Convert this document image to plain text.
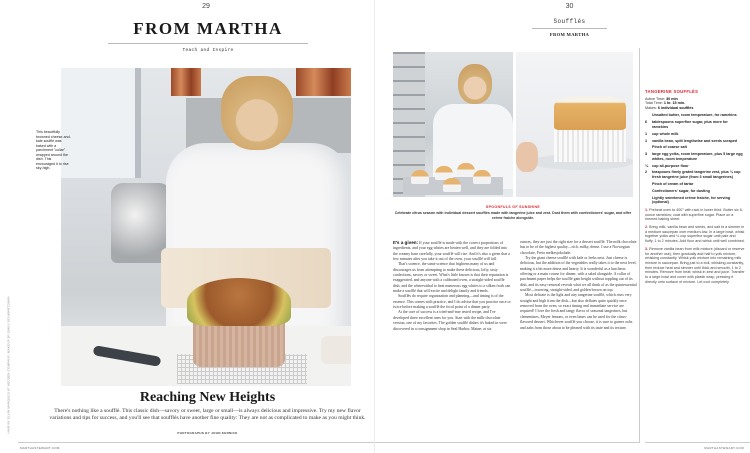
29
FROM MARTHA
Teach and Inspire
This beautifully browned cheese-and-kale soufflé was baked with a parchment "collar" wrapped around the dish. This encouraged it to rise sky-high.
HAIR BY ELVIN MARQUES AT HEDDEN COMPANY; MAKEUP BY EMILY SCHWARTZMAN	Reaching New Heights
There's nothing like a soufflé. This classic dish—savory or sweet, large or small—is always delicious and impressive. Try my new flavor variations and tips for success, and you'll see that soufflés have another fine quality: They are not as complicated to make as you might think.
PHOTOGRAPHS BY JOHN KERNICK
MARTHASTEWART.COM
30
Soufflés
FROM MARTHA
SPOONFULS OF SUNSHINE
Celebrate citrus season with individual dessert soufflés made with tangerine juice and zest. Dust them with confectioners' sugar, and offer crème fraîche alongside.

It's a given: If your soufflé is made with the correct proportions of ingredients, and your egg whites are beaten well, and they are folded into the creamy base carefully, your soufflé will rise. And it's also a given that a few minutes after you take it out of the oven, your soufflé will fall.

That's science, the same science that frightens many of us and discourages us from attempting to make these delicious, lofty, tasty confections, savory or sweet. What's little known is that their reputation is exaggerated, and anyone with a calibrated oven, a straight-sided soufflé dish, and the wherewithal to beat numerous egg whites to a silken froth can make a soufflé that will excite and delight family and friends.

Soufflés do require organization and planning—and timing is of the essence. This comes with practice, and I do advise that you practice once or twice before making a soufflé the focal point of a dinner party.

At the core of success is a tried-and-true tested recipe, and I've developed three excellent ones for you. Start with the milk-chocolate version, one of my favorites. The golden soufflé dishes it's baked in were discovered in a consignment shop in Seal Harbor, Maine; at six

ounces, they are just the right size for a dessert soufflé. The milk chocolate has to be of the highest quality—rich, milky, dense. I use a Norwegian chocolate, Freia melkesjokolade.

Try the giant cheese soufflé with kale or leeks next. Just cheese is delicious, but the addition of the vegetables really takes it to the next level, making it a bit more dense and hearty. It is wonderful as a luncheon offering or a main course for dinner, with a salad alongside. A collar of parchment paper helps the soufflé gain height without toppling out of its dish, and its easy removal reveals what we all think of as the quintessential soufflé—towering, straight-sided, and golden brown on top.

Most delicate is the light and airy tangerine soufflé, which rises very straight and high from the dish—but also deflates quite quickly once removed from the oven, so exact timing and immediate service are required! I love the fresh and tangy flavor of seasonal tangerines, but clementines, Meyer lemons, or even limes can be used for the citrus-flavored dessert. Whichever soufflé you choose, it is sure to garner oohs and aahs from those about to be pleased with its taste and its texture.

TANGERINE SOUFFLÉS
Active Time: 30 min
Total Time: 1 hr. 15 min.
Makes: 6 individual soufflés
Unsalted butter, room temperature, for ramekins
6	tablespoons superfine sugar, plus more for ramekins
1	cup whole milk
1	vanilla bean, split lengthwise and seeds scraped
Pinch of coarse salt
3	large egg yolks, room temperature, plus 5 large egg whites, room temperature
¼	cup all-purpose flour
2	teaspoons finely grated tangerine zest, plus ¼ cup fresh tangerine juice (from 3 small tangerines)
Pinch of cream of tartar
Confectioners' sugar, for dusting
Lightly sweetened crème fraîche, for serving (optional)
1. Preheat oven to 400° with rack in lower third. Butter six 6-ounce ramekins; coat with superfine sugar. Place on a rimmed baking sheet.
2. Bring milk, vanilla bean and seeds, and salt to a simmer in a medium saucepan over medium-low. In a large bowl, whisk together yolks and ¼ cup superfine sugar until pale and fluffy, 1 to 2 minutes. Add flour and whisk until well combined.
3. Remove vanilla bean from milk mixture (discard or reserve for another use), then gradually add half to yolk mixture, whisking constantly. Whisk yolk mixture into remaining milk mixture in saucepan. Bring just to a boil, whisking constantly, then reduce heat and simmer until thick and smooth, 1 to 2 minutes. Remove from heat; whisk in zest and juice. Transfer to a large bowl and cover with plastic wrap, pressing it directly onto surface of mixture. Let cool completely.
MARTHASTEWART.COM
